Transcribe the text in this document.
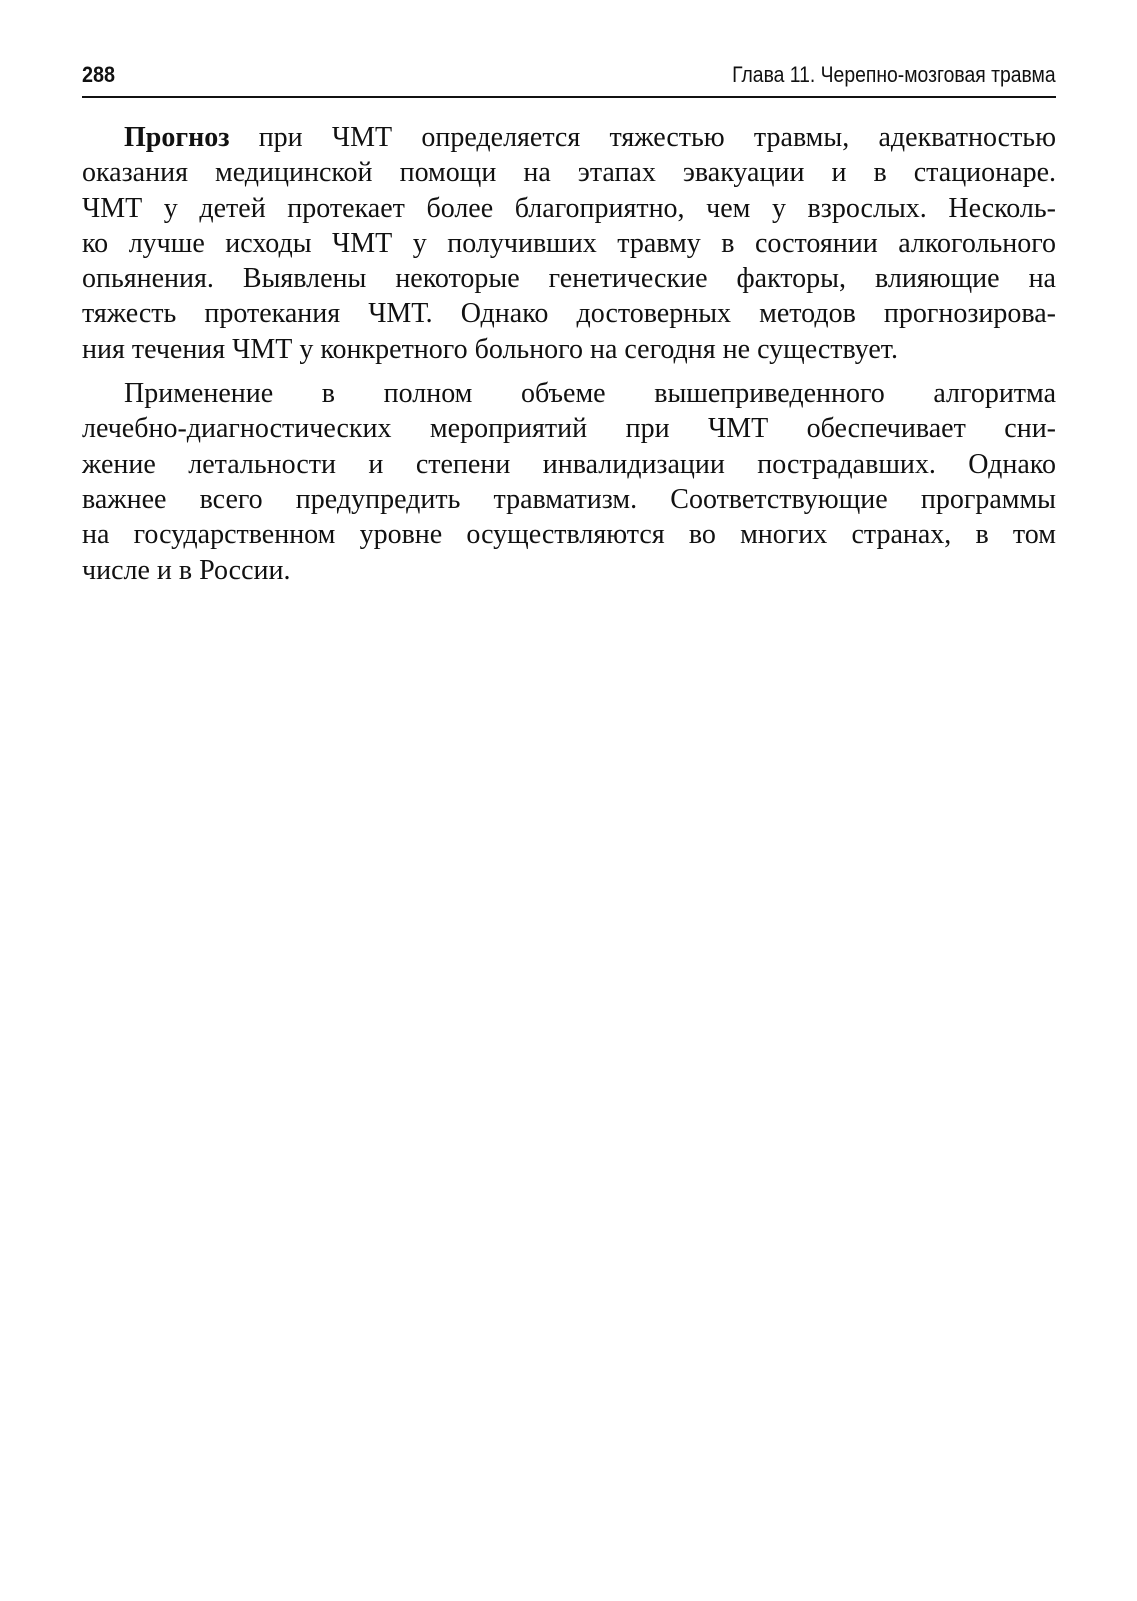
288	Глава 11. Черепно-мозговая травма

Прогноз при ЧМТ определяется тяжестью травмы, адекватностью
оказания медицинской помощи на этапах эвакуации и в стационаре.
ЧМТ у детей протекает более благоприятно, чем у взрослых. Несколь-
ко лучше исходы ЧМТ у получивших травму в состоянии алкогольного
опьянения. Выявлены некоторые генетические факторы, влияющие на
тяжесть протекания ЧМТ. Однако достоверных методов прогнозирова-
ния течения ЧМТ у конкретного больного на сегодня не существует.

Применение в полном объеме вышеприведенного алгоритма
лечебно-диагностических мероприятий при ЧМТ обеспечивает сни-
жение летальности и степени инвалидизации пострадавших. Однако
важнее всего предупредить травматизм. Соответствующие программы
на государственном уровне осуществляются во многих странах, в том
числе и в России.
